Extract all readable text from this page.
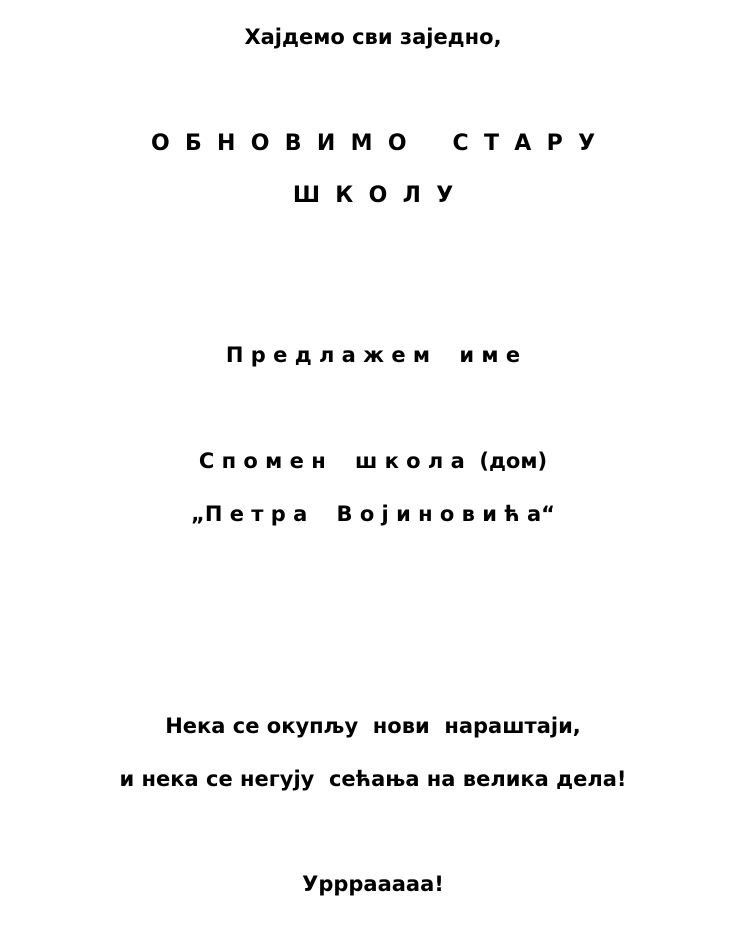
Хајдемо сви заједно,
О  Б  Н  О  В  И  М  О      С  Т  А  Р  У
Ш  К  О  Л  У
П р е д л а ж е м    и м е
С п о м е н    ш к о л а  (дом)
„П е т р а    В о ј и н о в и ћ а“
Нека се окупљу  нови  нараштаји,
и нека се негују  сећања на велика дела!
Уррраааaa!
